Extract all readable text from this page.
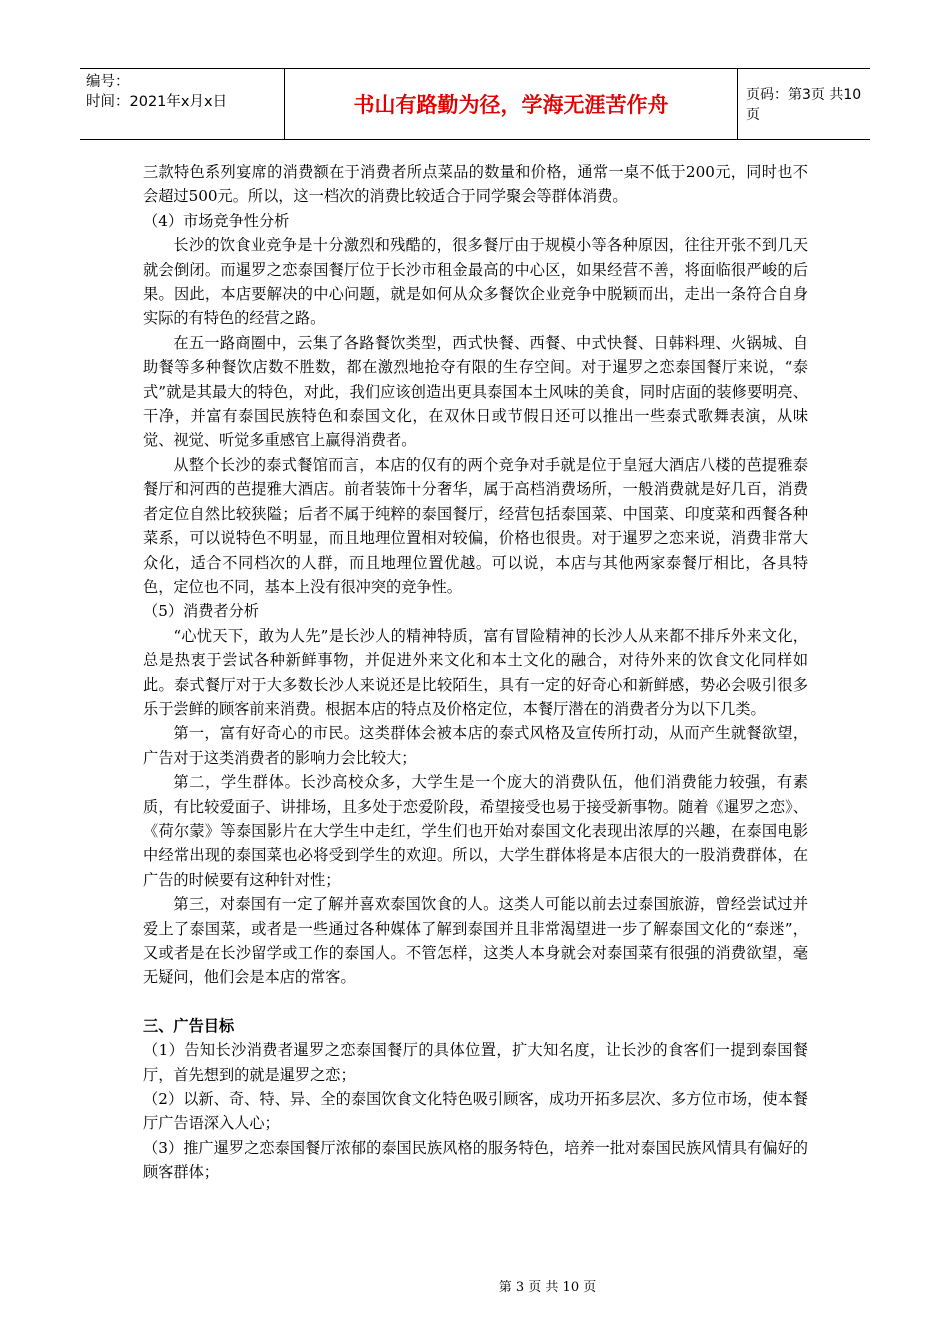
编号：
时间：2021年x月x日	书山有路勤为径，学海无涯苦作舟	页码：第3页 共10页

三款特色系列宴席的消费额在于消费者所点菜品的数量和价格，通常一桌不低于200元，同时也不会超过500元。所以，这一档次的消费比较适合于同学聚会等群体消费。

（4）市场竞争性分析

长沙的饮食业竞争是十分激烈和残酷的，很多餐厅由于规模小等各种原因，往往开张不到几天就会倒闭。而暹罗之恋泰国餐厅位于长沙市租金最高的中心区，如果经营不善，将面临很严峻的后果。因此，本店要解决的中心问题，就是如何从众多餐饮企业竞争中脱颖而出，走出一条符合自身实际的有特色的经营之路。

在五一路商圈中，云集了各路餐饮类型，西式快餐、西餐、中式快餐、日韩料理、火锅城、自助餐等多种餐饮店数不胜数，都在激烈地抢夺有限的生存空间。对于暹罗之恋泰国餐厅来说，“泰式”就是其最大的特色，对此，我们应该创造出更具泰国本土风味的美食，同时店面的装修要明亮、干净，并富有泰国民族特色和泰国文化，在双休日或节假日还可以推出一些泰式歌舞表演，从味觉、视觉、听觉多重感官上赢得消费者。

从整个长沙的泰式餐馆而言，本店的仅有的两个竞争对手就是位于皇冠大酒店八楼的芭提雅泰餐厅和河西的芭提雅大酒店。前者装饰十分奢华，属于高档消费场所，一般消费就是好几百，消费者定位自然比较狭隘；后者不属于纯粹的泰国餐厅，经营包括泰国菜、中国菜、印度菜和西餐各种菜系，可以说特色不明显，而且地理位置相对较偏，价格也很贵。对于暹罗之恋来说，消费非常大众化，适合不同档次的人群，而且地理位置优越。可以说，本店与其他两家泰餐厅相比，各具特色，定位也不同，基本上没有很冲突的竞争性。

（5）消费者分析

“心忧天下，敢为人先”是长沙人的精神特质，富有冒险精神的长沙人从来都不排斥外来文化，总是热衷于尝试各种新鲜事物，并促进外来文化和本土文化的融合，对待外来的饮食文化同样如此。泰式餐厅对于大多数长沙人来说还是比较陌生，具有一定的好奇心和新鲜感，势必会吸引很多乐于尝鲜的顾客前来消费。根据本店的特点及价格定位，本餐厅潜在的消费者分为以下几类。

第一，富有好奇心的市民。这类群体会被本店的泰式风格及宣传所打动，从而产生就餐欲望，广告对于这类消费者的影响力会比较大；

第二，学生群体。长沙高校众多，大学生是一个庞大的消费队伍，他们消费能力较强，有素质，有比较爱面子、讲排场，且多处于恋爱阶段，希望接受也易于接受新事物。随着《暹罗之恋》、《荷尔蒙》等泰国影片在大学生中走红，学生们也开始对泰国文化表现出浓厚的兴趣，在泰国电影中经常出现的泰国菜也必将受到学生的欢迎。所以，大学生群体将是本店很大的一股消费群体，在广告的时候要有这种针对性；

第三，对泰国有一定了解并喜欢泰国饮食的人。这类人可能以前去过泰国旅游，曾经尝试过并爱上了泰国菜，或者是一些通过各种媒体了解到泰国并且非常渴望进一步了解泰国文化的“泰迷”，又或者是在长沙留学或工作的泰国人。不管怎样，这类人本身就会对泰国菜有很强的消费欲望，毫无疑问，他们会是本店的常客。

三、广告目标

（1）告知长沙消费者暹罗之恋泰国餐厅的具体位置，扩大知名度，让长沙的食客们一提到泰国餐厅，首先想到的就是暹罗之恋；

（2）以新、奇、特、异、全的泰国饮食文化特色吸引顾客，成功开拓多层次、多方位市场，使本餐厅广告语深入人心；

（3）推广暹罗之恋泰国餐厅浓郁的泰国民族风格的服务特色，培养一批对泰国民族风情具有偏好的顾客群体；

第 3 页 共 10 页
